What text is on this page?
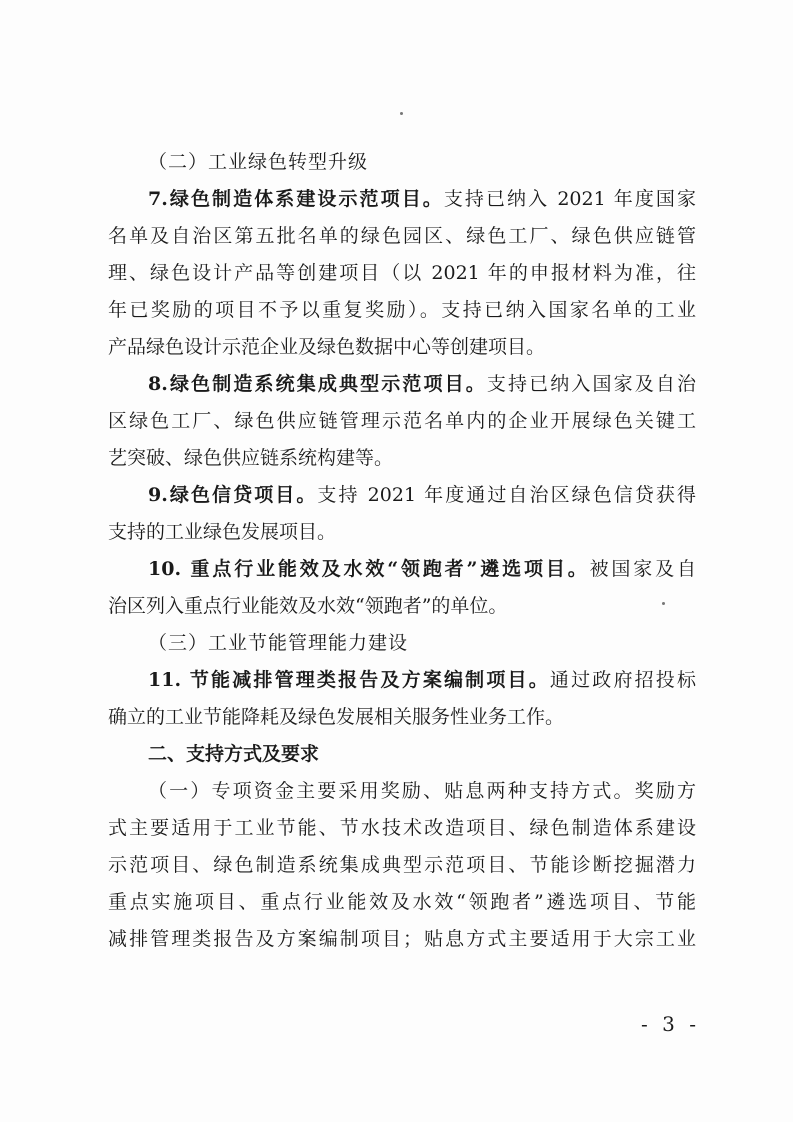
（二）工业绿色转型升级
7.绿色制造体系建设示范项目。支持已纳入 2021 年度国家
名单及自治区第五批名单的绿色园区、绿色工厂、绿色供应链管
理、绿色设计产品等创建项目（以 2021 年的申报材料为准，往
年已奖励的项目不予以重复奖励）。支持已纳入国家名单的工业
产品绿色设计示范企业及绿色数据中心等创建项目。
8.绿色制造系统集成典型示范项目。支持已纳入国家及自治
区绿色工厂、绿色供应链管理示范名单内的企业开展绿色关键工
艺突破、绿色供应链系统构建等。
9.绿色信贷项目。支持 2021 年度通过自治区绿色信贷获得
支持的工业绿色发展项目。
10. 重点行业能效及水效“领跑者”遴选项目。被国家及自
治区列入重点行业能效及水效“领跑者”的单位。
（三）工业节能管理能力建设
11. 节能减排管理类报告及方案编制项目。通过政府招投标
确立的工业节能降耗及绿色发展相关服务性业务工作。
二、支持方式及要求
（一）专项资金主要采用奖励、贴息两种支持方式。奖励方
式主要适用于工业节能、节水技术改造项目、绿色制造体系建设
示范项目、绿色制造系统集成典型示范项目、节能诊断挖掘潜力
重点实施项目、重点行业能效及水效“领跑者”遴选项目、节能
减排管理类报告及方案编制项目；贴息方式主要适用于大宗工业
- 3 -
